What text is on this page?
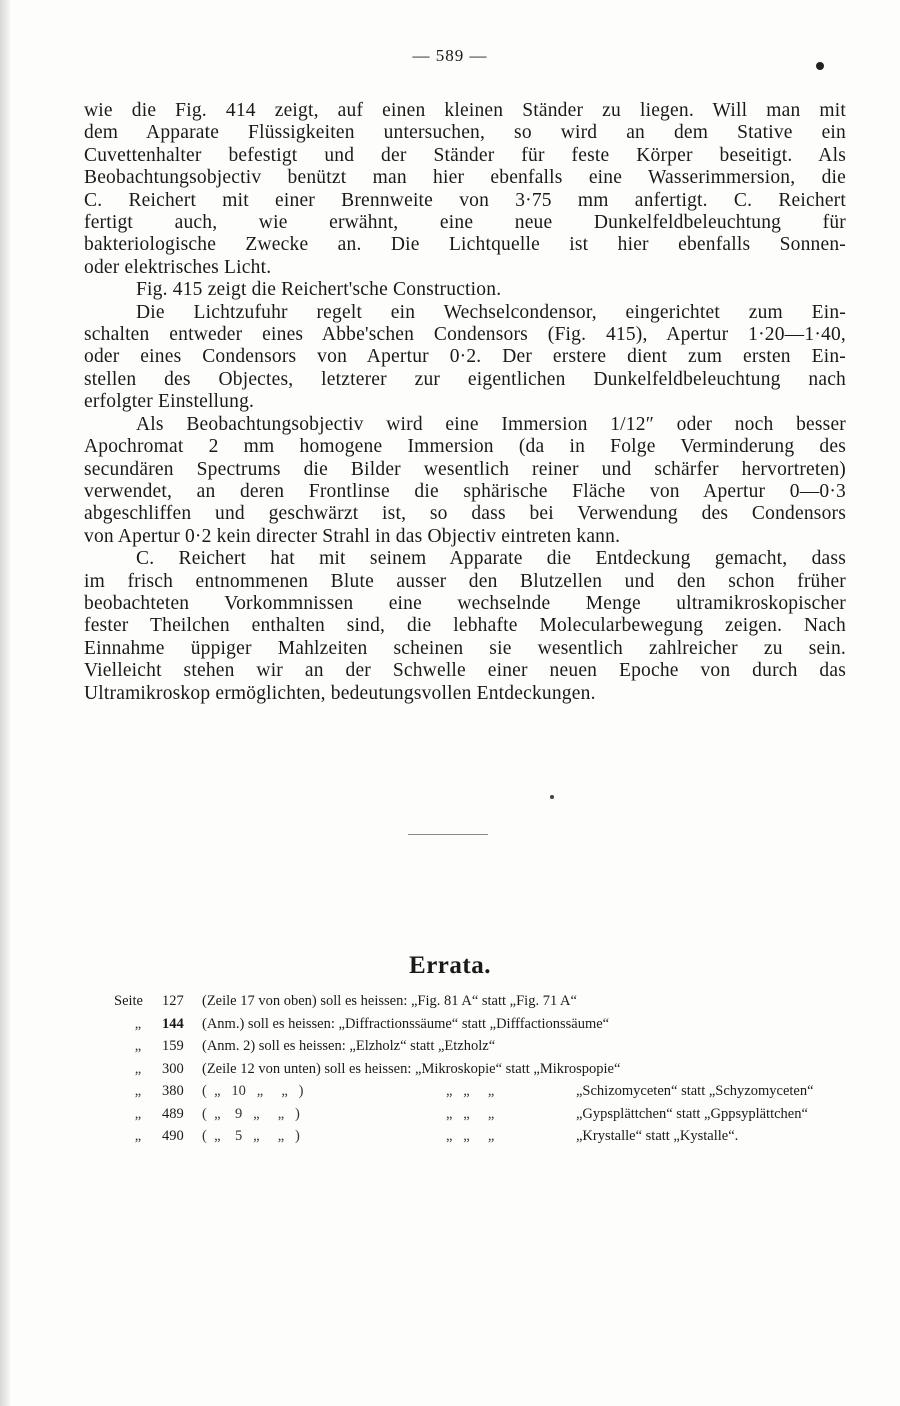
— 589 —

wie die Fig. 414 zeigt, auf einen kleinen Ständer zu liegen. Will man mit
dem Apparate Flüssigkeiten untersuchen, so wird an dem Stative ein
Cuvettenhalter befestigt und der Ständer für feste Körper beseitigt. Als
Beobachtungsobjectiv benützt man hier ebenfalls eine Wasserimmersion, die
C. Reichert mit einer Brennweite von 3·75 mm anfertigt. C. Reichert
fertigt auch, wie erwähnt, eine neue Dunkelfeldbeleuchtung für
bakteriologische Zwecke an. Die Lichtquelle ist hier ebenfalls Sonnen-
oder elektrisches Licht.

Fig. 415 zeigt die Reichert'sche Construction.

Die Lichtzufuhr regelt ein Wechselcondensor, eingerichtet zum Ein-
schalten entweder eines Abbe'schen Condensors (Fig. 415), Apertur 1·20—1·40,
oder eines Condensors von Apertur 0·2. Der erstere dient zum ersten Ein-
stellen des Objectes, letzterer zur eigentlichen Dunkelfeldbeleuchtung nach
erfolgter Einstellung.

Als Beobachtungsobjectiv wird eine Immersion 1/12″ oder noch besser
Apochromat 2 mm homogene Immersion (da in Folge Verminderung des
secundären Spectrums die Bilder wesentlich reiner und schärfer hervortreten)
verwendet, an deren Frontlinse die sphärische Fläche von Apertur 0—0·3
abgeschliffen und geschwärzt ist, so dass bei Verwendung des Condensors
von Apertur 0·2 kein directer Strahl in das Objectiv eintreten kann.

C. Reichert hat mit seinem Apparate die Entdeckung gemacht, dass
im frisch entnommenen Blute ausser den Blutzellen und den schon früher
beobachteten Vorkommnissen eine wechselnde Menge ultramikroskopischer
fester Theilchen enthalten sind, die lebhafte Molecularbewegung zeigen. Nach
Einnahme üppiger Mahlzeiten scheinen sie wesentlich zahlreicher zu sein.
Vielleicht stehen wir an der Schwelle einer neuen Epoche von durch das
Ultramikroskop ermöglichten, bedeutungsvollen Entdeckungen.

Errata.
Seite	127	(Zeile 17 von oben) soll es heissen: „Fig. 81 A“ statt „Fig. 71 A“
„	144	(Anm.) soll es heissen: „Diffractionssäume“ statt „Difffactionssäume“
„	159	(Anm. 2) soll es heissen: „Elzholz“ statt „Etzholz“
„	300	(Zeile 12 von unten) soll es heissen: „Mikroskopie“ statt „Mikrospopie“
„	380	(  „   10   „     „   )	„   „     „	„Schizomyceten“ statt „Schyzomyceten“
„	489	(  „    9   „     „   )	„   „     „	„Gypsplättchen“ statt „Gppsyplättchen“
„	490	(  „    5   „     „   )	„   „     „	„Krystalle“ statt „Kystalle“.
